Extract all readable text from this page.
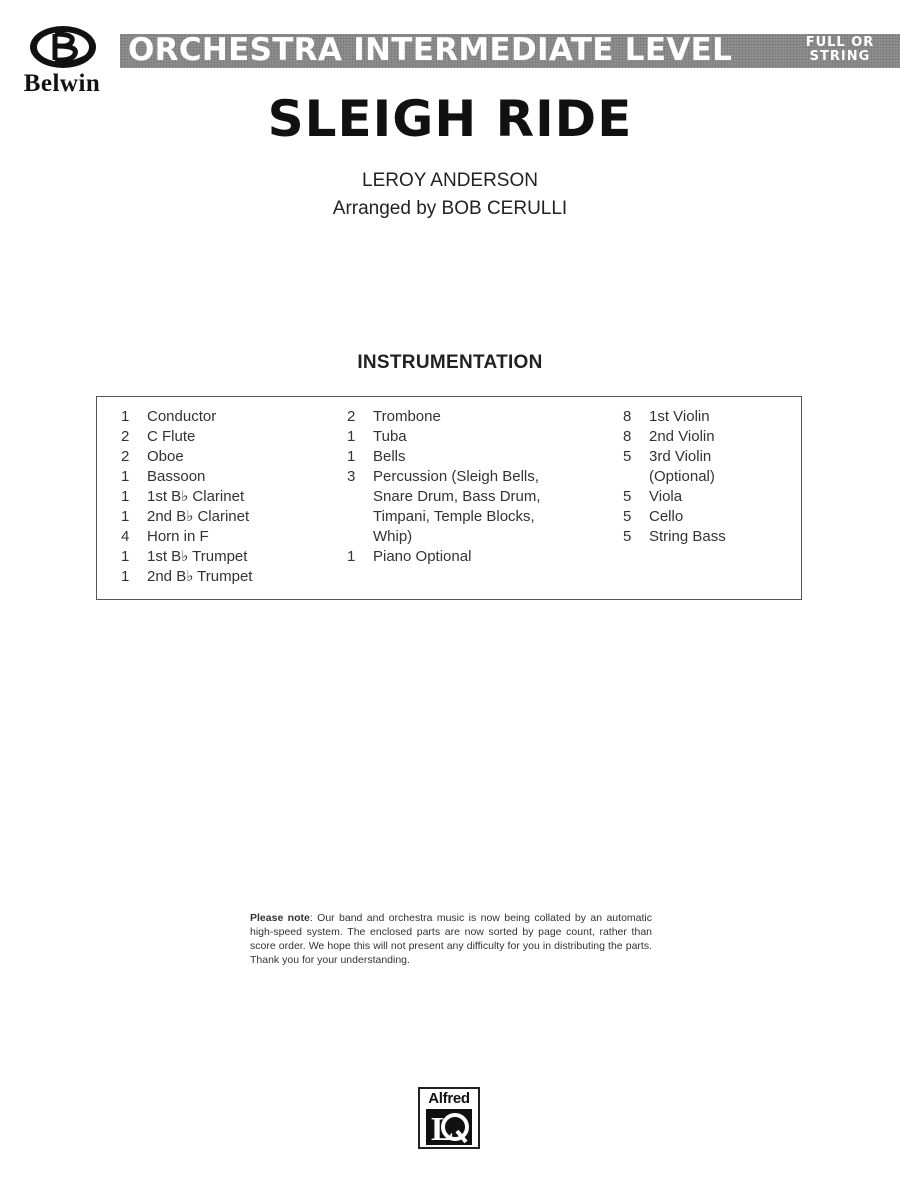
Belwin
ORCHESTRA INTERMEDIATE LEVEL	FULL OR
STRING
SLEIGH RIDE
LEROY ANDERSON
Arranged by BOB CERULLI
INSTRUMENTATION
1	Conductor
2	C Flute
2	Oboe
1	Bassoon
1	1st B♭ Clarinet
1	2nd B♭ Clarinet
4	Horn in F
1	1st B♭ Trumpet
1	2nd B♭ Trumpet
2	Trombone
1	Tuba
1	Bells
3	Percussion (Sleigh Bells,
Snare Drum, Bass Drum,
Timpani, Temple Blocks,
Whip)
1	Piano Optional
8	1st Violin
8	2nd Violin
5	3rd Violin
(Optional)
5	Viola
5	Cello
5	String Bass
Please note: Our band and orchestra music is now being collated by an automatic high-speed system. The enclosed parts are now sorted by page count, rather than score order. We hope this will not present any difficulty for you in distributing the parts. Thank you for your understanding.
Alfred
L
